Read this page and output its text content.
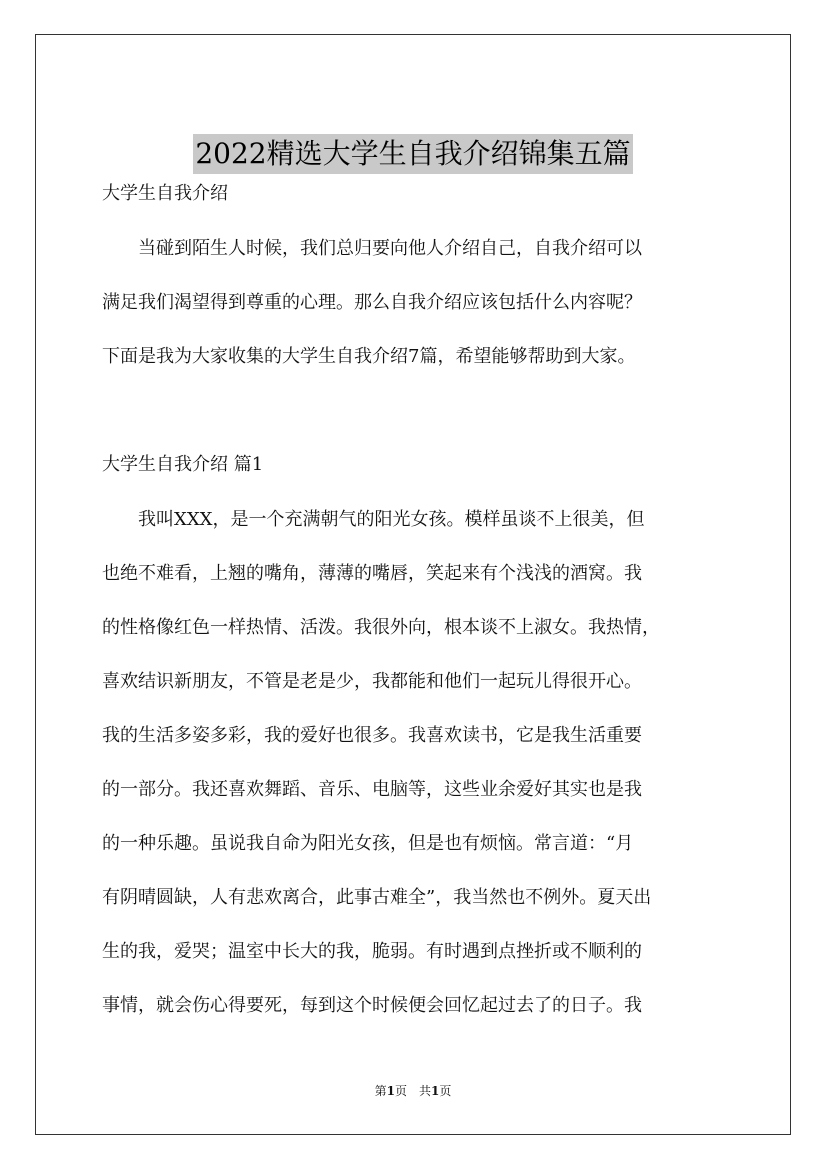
2022精选大学生自我介绍锦集五篇

大学生自我介绍

　　当碰到陌生人时候，我们总归要向他人介绍自己，自我介绍可以
满足我们渴望得到尊重的心理。那么自我介绍应该包括什么内容呢？
下面是我为大家收集的大学生自我介绍7篇，希望能够帮助到大家。

大学生自我介绍 篇1

　　我叫XXX，是一个充满朝气的阳光女孩。模样虽谈不上很美，但
也绝不难看，上翘的嘴角，薄薄的嘴唇，笑起来有个浅浅的酒窝。我
的性格像红色一样热情、活泼。我很外向，根本谈不上淑女。我热情，
喜欢结识新朋友，不管是老是少，我都能和他们一起玩儿得很开心。
我的生活多姿多彩，我的爱好也很多。我喜欢读书，它是我生活重要
的一部分。我还喜欢舞蹈、音乐、电脑等，这些业余爱好其实也是我
的一种乐趣。虽说我自命为阳光女孩，但是也有烦恼。常言道：“月
有阴晴圆缺，人有悲欢离合，此事古难全”，我当然也不例外。夏天出
生的我，爱哭；温室中长大的我，脆弱。有时遇到点挫折或不顺利的
事情，就会伤心得要死，每到这个时候便会回忆起过去了的日子。我
第1页　共1页
